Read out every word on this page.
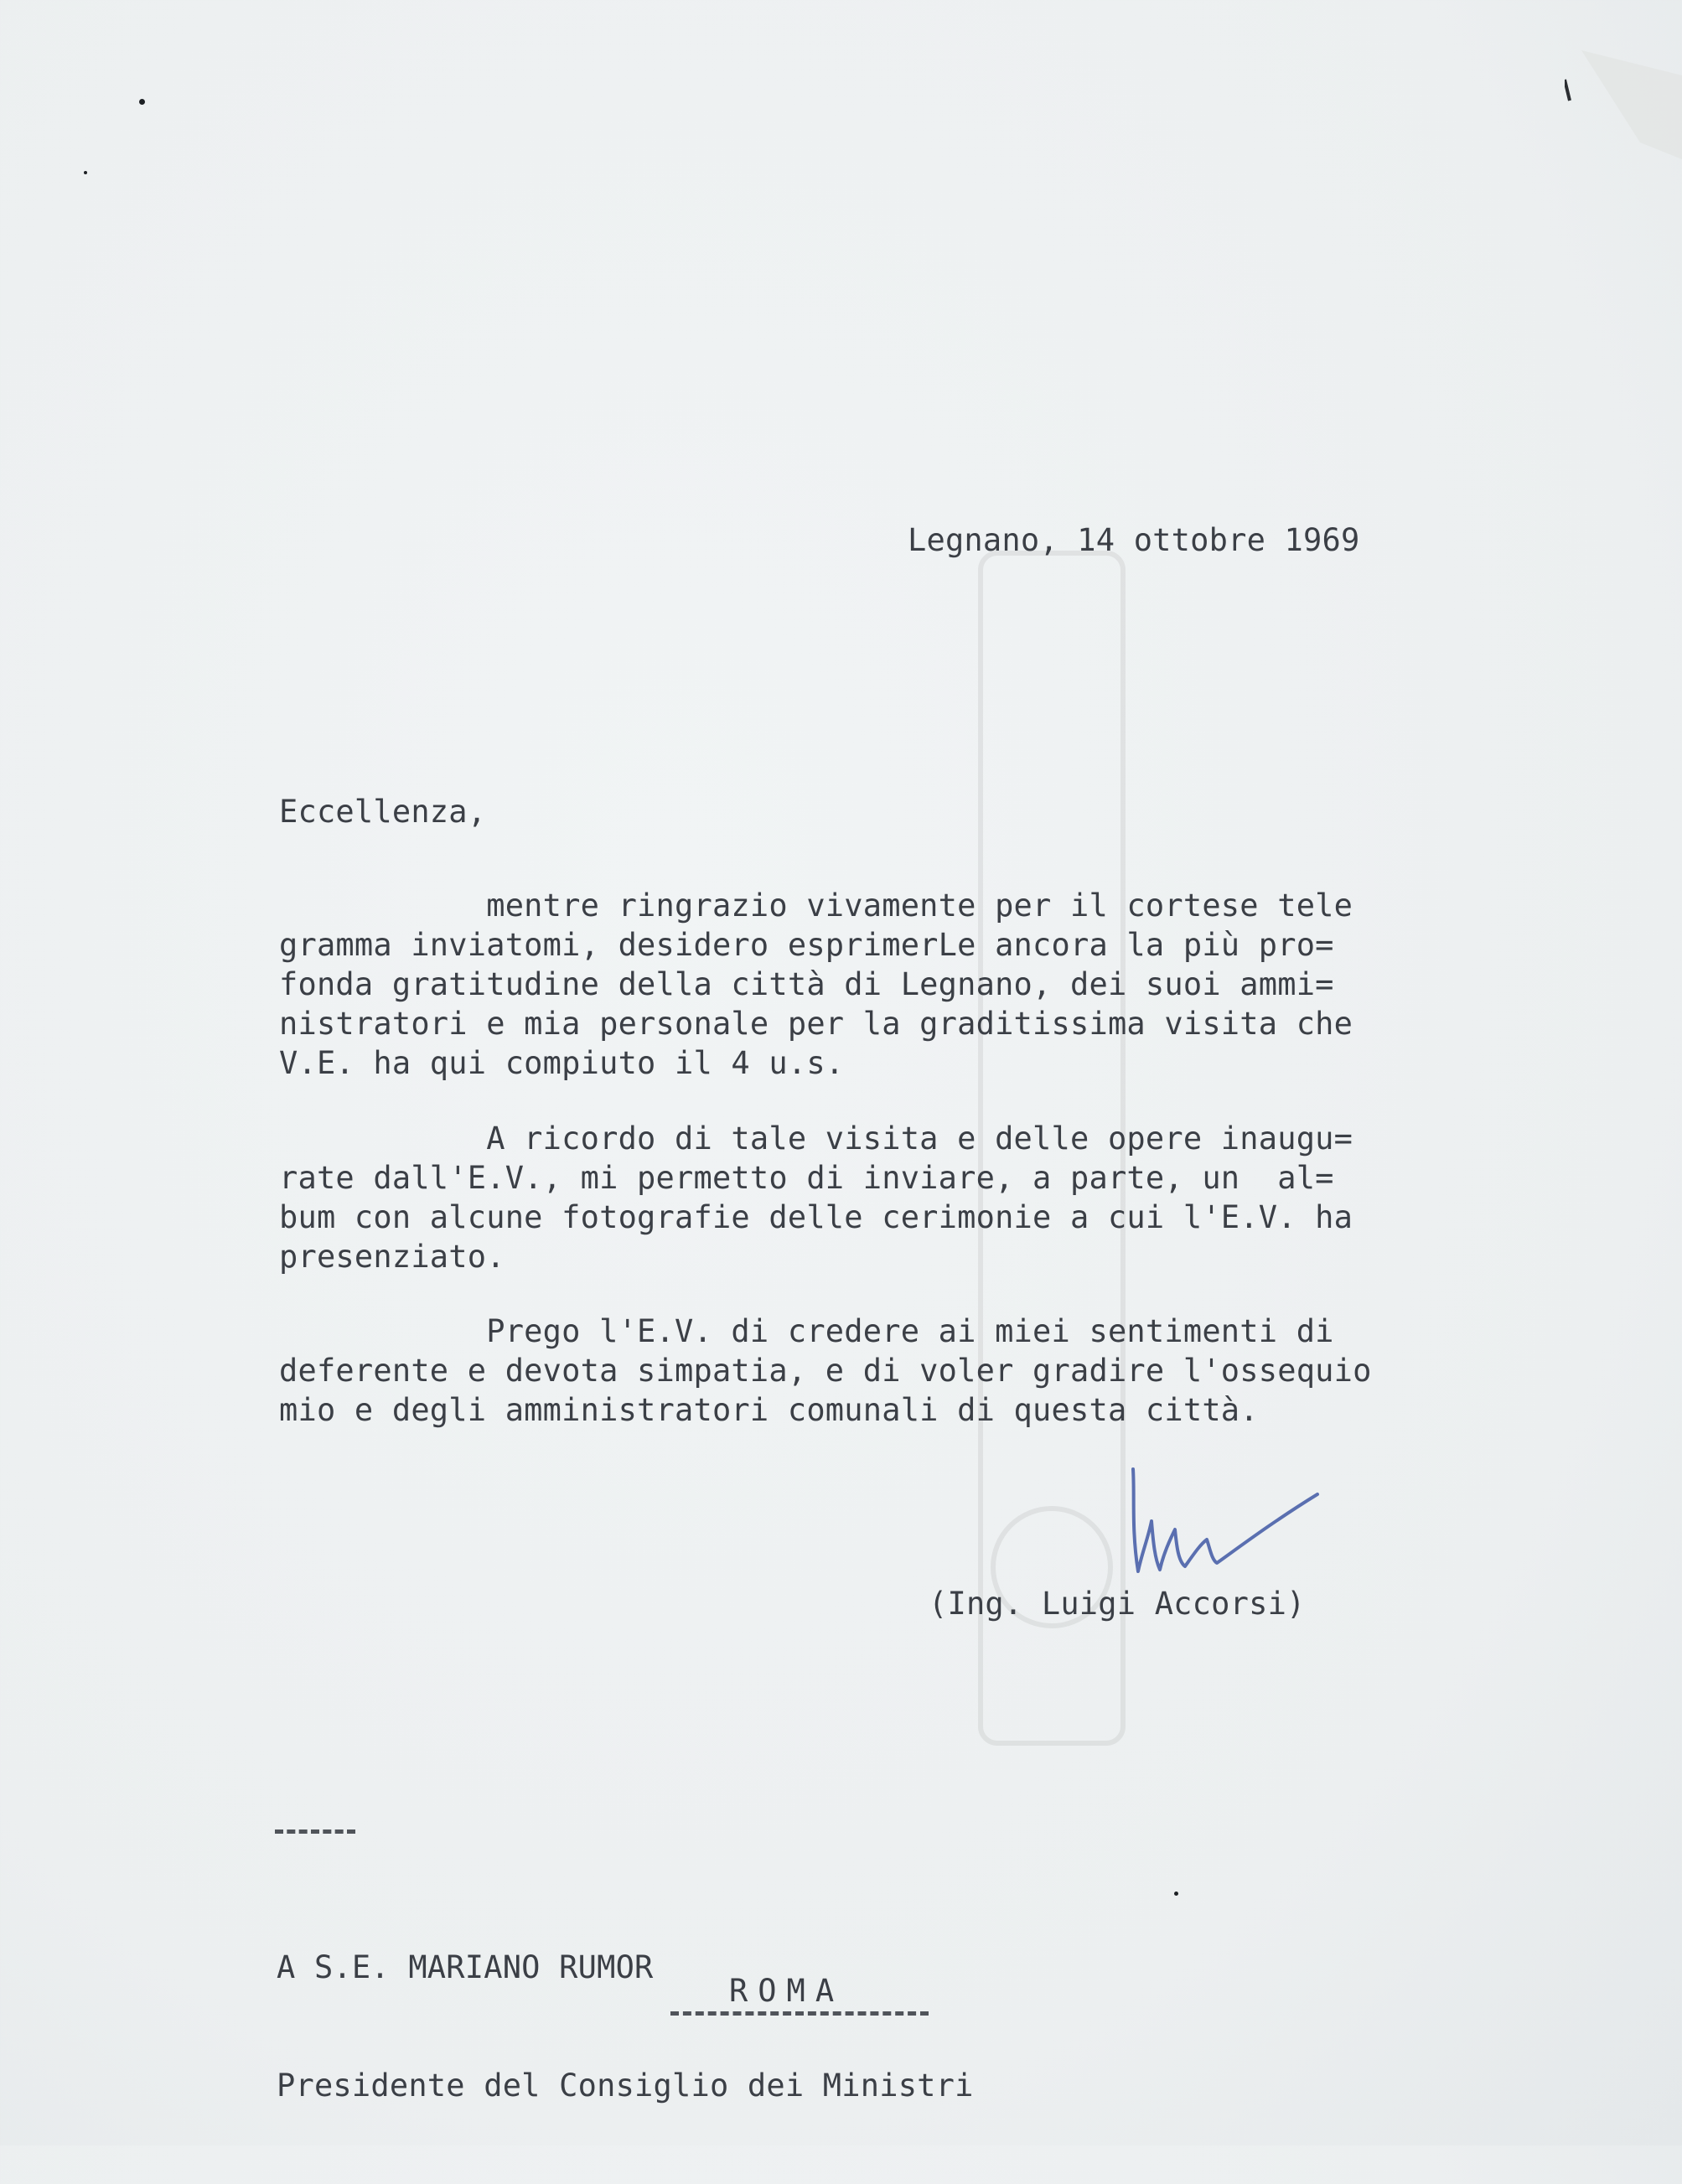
Legnano, 14 ottobre 1969
Eccellenza,
mentre ringrazio vivamente per il cortese tele
gramma inviatomi, desidero esprimerLe ancora la più pro=
fonda gratitudine della città di Legnano, dei suoi ammi=
nistratori e mia personale per la graditissima visita che
V.E. ha qui compiuto il 4 u.s.
A ricordo di tale visita e delle opere inaugu=
rate dall'E.V., mi permetto di inviare, a parte, un  al=
bum con alcune fotografie delle cerimonie a cui l'E.V. ha
presenziato.
Prego l'E.V. di credere ai miei sentimenti di
deferente e devota simpatia, e di voler gradire l'ossequio
mio e degli amministratori comunali di questa città.
(Ing. Luigi Accorsi)

A S.E. MARIANO RUMOR

Presidente del Consiglio dei Ministri

ROMA
